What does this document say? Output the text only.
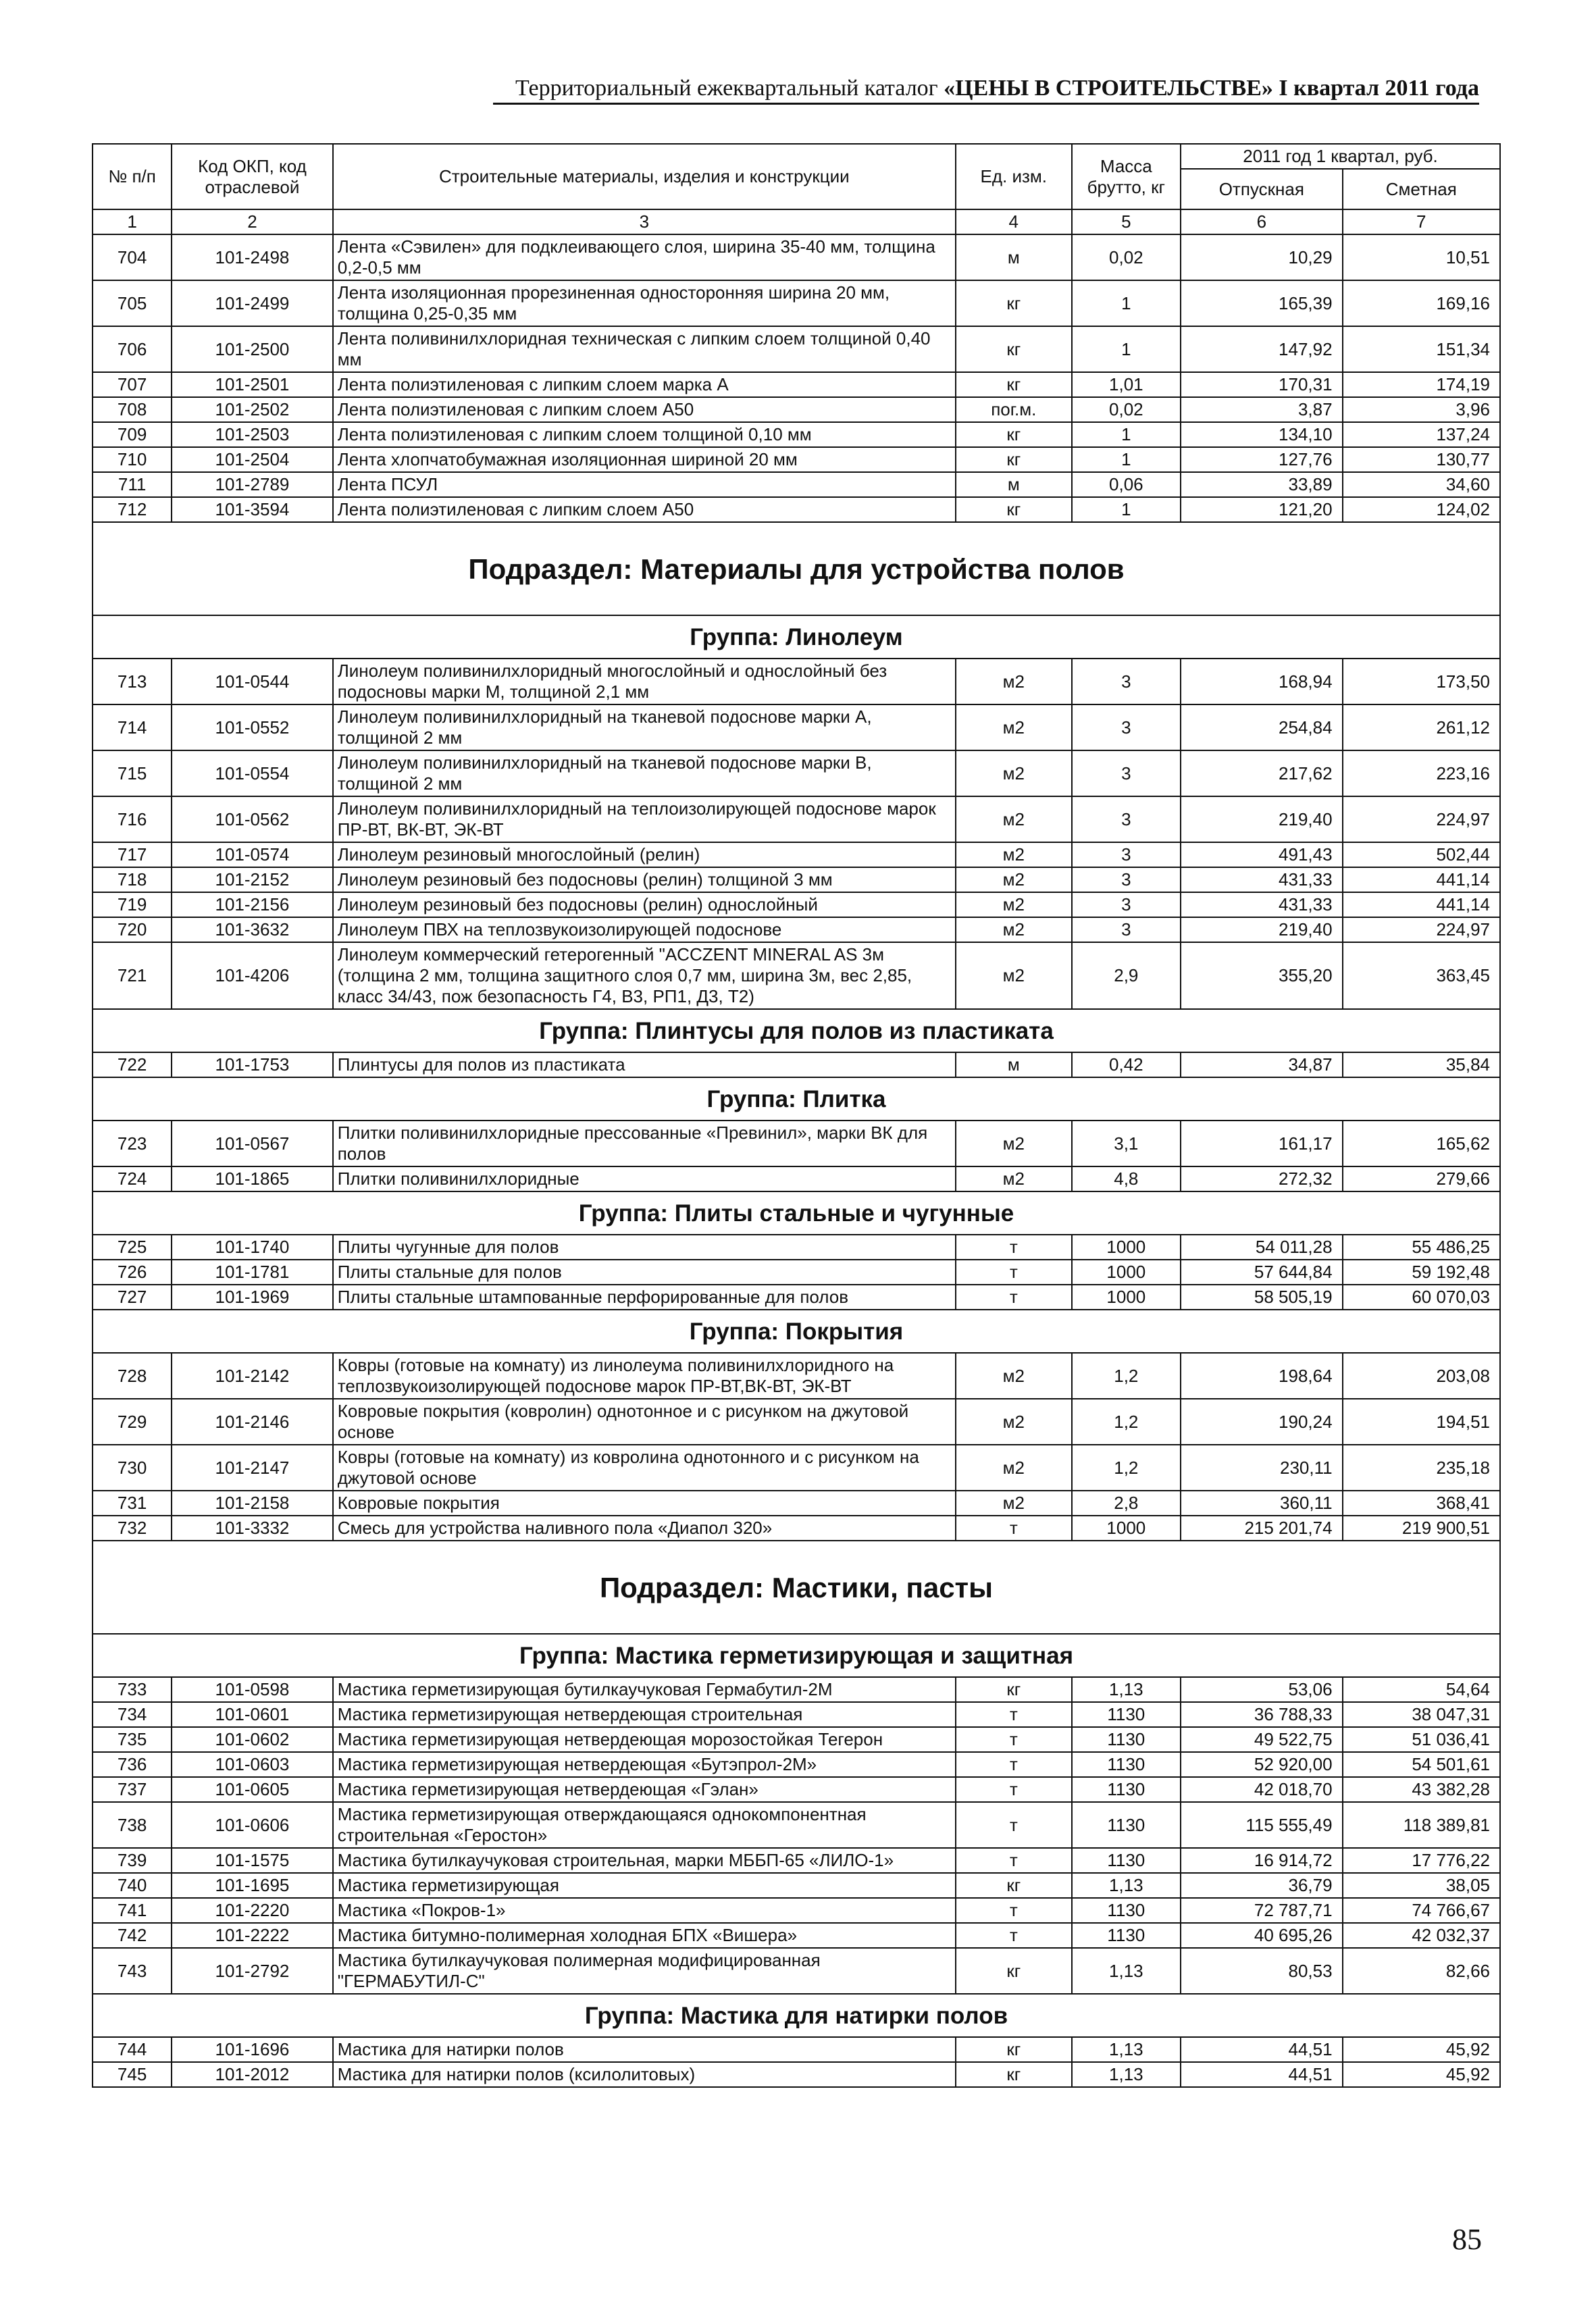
Территориальный ежеквартальный каталог «ЦЕНЫ В СТРОИТЕЛЬСТВЕ» I квартал 2011 года
№ п/п	Код ОКП, код отраслевой	Строительные материалы, изделия и конструкции	Ед. изм.	Масса брутто, кг	2011 год 1 квартал, руб.	
					Отпускная	Сметная
1	2	3	4	5	6	7
704	101-2498	Лента «Сэвилен» для подклеивающего слоя, ширина 35-40 мм, толщина 0,2-0,5 мм	м	0,02	10,29	10,51
705	101-2499	Лента изоляционная прорезиненная односторонняя ширина 20 мм, толщина 0,25-0,35 мм	кг	1	165,39	169,16
706	101-2500	Лента поливинилхлоридная техническая с липким слоем толщиной 0,40 мм	кг	1	147,92	151,34
707	101-2501	Лента полиэтиленовая с липким слоем марка А	кг	1,01	170,31	174,19
708	101-2502	Лента полиэтиленовая с липким слоем А50	пог.м.	0,02	3,87	3,96
709	101-2503	Лента полиэтиленовая с липким слоем толщиной 0,10 мм	кг	1	134,10	137,24
710	101-2504	Лента хлопчатобумажная изоляционная шириной 20 мм	кг	1	127,76	130,77
711	101-2789	Лента ПСУЛ	м	0,06	33,89	34,60
712	101-3594	Лента полиэтиленовая с липким слоем А50	кг	1	121,20	124,02
Подраздел: Материалы для устройства полов						
Группа: Линолеум						
713	101-0544	Линолеум поливинилхлоридный многослойный и однослойный без подосновы марки М, толщиной 2,1 мм	м2	3	168,94	173,50
714	101-0552	Линолеум поливинилхлоридный на тканевой подоснове марки А, толщиной 2 мм	м2	3	254,84	261,12
715	101-0554	Линолеум поливинилхлоридный на тканевой подоснове марки В, толщиной 2 мм	м2	3	217,62	223,16
716	101-0562	Линолеум поливинилхлоридный на теплоизолирующей подоснове марок ПР-ВТ, ВК-ВТ, ЭК-ВТ	м2	3	219,40	224,97
717	101-0574	Линолеум резиновый многослойный (релин)	м2	3	491,43	502,44
718	101-2152	Линолеум резиновый без подосновы (релин) толщиной 3 мм	м2	3	431,33	441,14
719	101-2156	Линолеум резиновый без подосновы (релин) однослойный	м2	3	431,33	441,14
720	101-3632	Линолеум ПВХ на теплозвукоизолирующей подоснове	м2	3	219,40	224,97
721	101-4206	Линолеум коммерческий гетерогенный "ACCZENT MINERAL AS 3м (толщина 2 мм, толщина защитного слоя 0,7 мм, ширина 3м, вес 2,85, класс 34/43, пож безопасность Г4, В3, РП1, Д3, Т2)	м2	2,9	355,20	363,45
Группа: Плинтусы для полов из пластиката						
722	101-1753	Плинтусы для полов из пластиката	м	0,42	34,87	35,84
Группа: Плитка						
723	101-0567	Плитки поливинилхлоридные прессованные «Превинил», марки ВК для полов	м2	3,1	161,17	165,62
724	101-1865	Плитки поливинилхлоридные	м2	4,8	272,32	279,66
Группа: Плиты стальные и чугунные						
725	101-1740	Плиты чугунные для полов	т	1000	54 011,28	55 486,25
726	101-1781	Плиты стальные для полов	т	1000	57 644,84	59 192,48
727	101-1969	Плиты стальные штампованные перфорированные для полов	т	1000	58 505,19	60 070,03
Группа: Покрытия						
728	101-2142	Ковры (готовые на комнату) из линолеума поливинилхлоридного на теплозвукоизолирующей подоснове марок ПР-ВТ,ВК-ВТ, ЭК-ВТ	м2	1,2	198,64	203,08
729	101-2146	Ковровые покрытия (ковролин) однотонное и с рисунком на джутовой основе	м2	1,2	190,24	194,51
730	101-2147	Ковры (готовые на комнату) из ковролина однотонного и с рисунком на джутовой основе	м2	1,2	230,11	235,18
731	101-2158	Ковровые покрытия	м2	2,8	360,11	368,41
732	101-3332	Смесь для устройства наливного пола «Диапол 320»	т	1000	215 201,74	219 900,51
Подраздел: Мастики, пасты						
Группа: Мастика герметизирующая и защитная						
733	101-0598	Мастика герметизирующая бутилкаучуковая Гермабутил-2М	кг	1,13	53,06	54,64
734	101-0601	Мастика герметизирующая нетвердеющая строительная	т	1130	36 788,33	38 047,31
735	101-0602	Мастика герметизирующая нетвердеющая морозостойкая Тегерон	т	1130	49 522,75	51 036,41
736	101-0603	Мастика герметизирующая нетвердеющая «Бутэпрол-2М»	т	1130	52 920,00	54 501,61
737	101-0605	Мастика герметизирующая нетвердеющая «Гэлан»	т	1130	42 018,70	43 382,28
738	101-0606	Мастика герметизирующая отверждающаяся однокомпонентная строительная «Геростон»	т	1130	115 555,49	118 389,81
739	101-1575	Мастика бутилкаучуковая строительная, марки МББП-65 «ЛИЛО-1»	т	1130	16 914,72	17 776,22
740	101-1695	Мастика герметизирующая	кг	1,13	36,79	38,05
741	101-2220	Мастика «Покров-1»	т	1130	72 787,71	74 766,67
742	101-2222	Мастика битумно-полимерная холодная БПХ «Вишера»	т	1130	40 695,26	42 032,37
743	101-2792	Мастика бутилкаучуковая полимерная модифицированная "ГЕРМАБУТИЛ-С"	кг	1,13	80,53	82,66
Группа: Мастика для натирки полов						
744	101-1696	Мастика для натирки полов	кг	1,13	44,51	45,92
745	101-2012	Мастика для натирки полов (ксилолитовых)	кг	1,13	44,51	45,92
85
